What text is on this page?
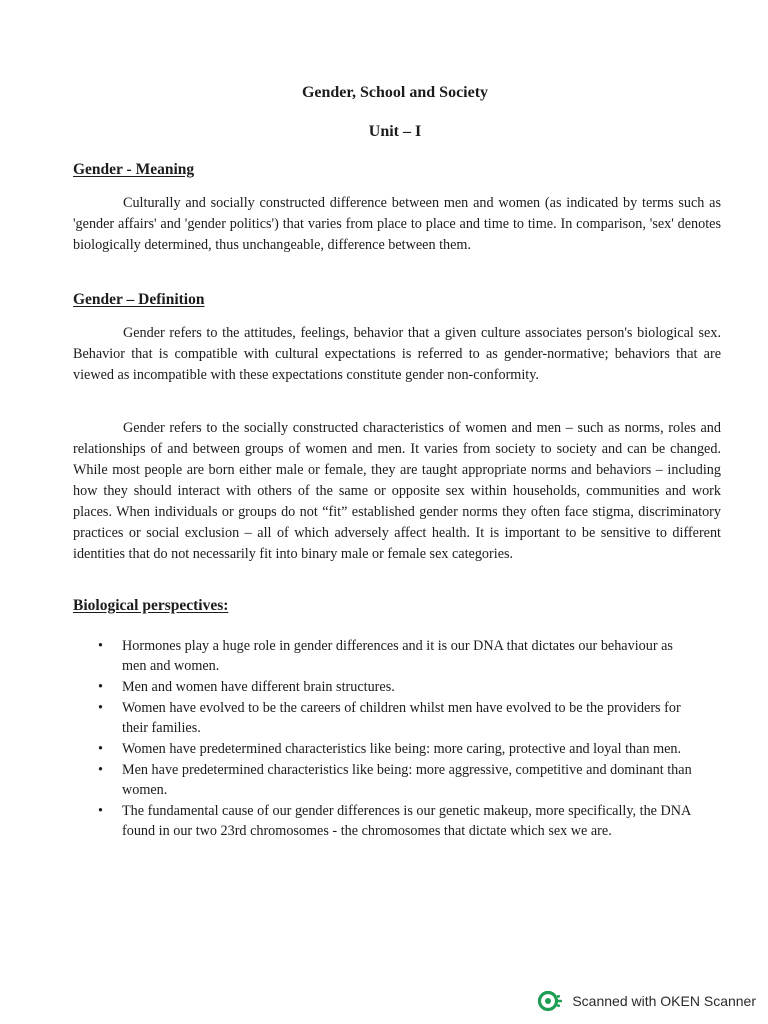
Gender, School and Society
Unit – I
Gender - Meaning

Culturally and socially constructed difference between men and women (as indicated by terms such as 'gender affairs' and 'gender politics') that varies from place to place and time to time. In comparison, 'sex' denotes biologically determined, thus unchangeable, difference between them.

Gender – Definition

Gender refers to the attitudes, feelings, behavior that a given culture associates person's biological sex. Behavior that is compatible with cultural expectations is referred to as gender-normative; behaviors that are viewed as incompatible with these expectations constitute gender non-conformity.

Gender refers to the socially constructed characteristics of women and men – such as norms, roles and relationships of and between groups of women and men. It varies from society to society and can be changed. While most people are born either male or female, they are taught appropriate norms and behaviors – including how they should interact with others of the same or opposite sex within households, communities and work places. When individuals or groups do not “fit” established gender norms they often face stigma, discriminatory practices or social exclusion – all of which adversely affect health. It is important to be sensitive to different identities that do not necessarily fit into binary male or female sex categories.

Biological perspectives:
• Hormones play a huge role in gender differences and it is our DNA that dictates our behaviour as men and women.
• Men and women have different brain structures.
• Women have evolved to be the careers of children whilst men have evolved to be the providers for their families.
• Women have predetermined characteristics like being: more caring, protective and loyal than men.
• Men have predetermined characteristics like being: more aggressive, competitive and dominant than women.
• The fundamental cause of our gender differences is our genetic makeup, more specifically, the DNA found in our two 23rd chromosomes - the chromosomes that dictate which sex we are.
Scanned with OKEN Scanner
